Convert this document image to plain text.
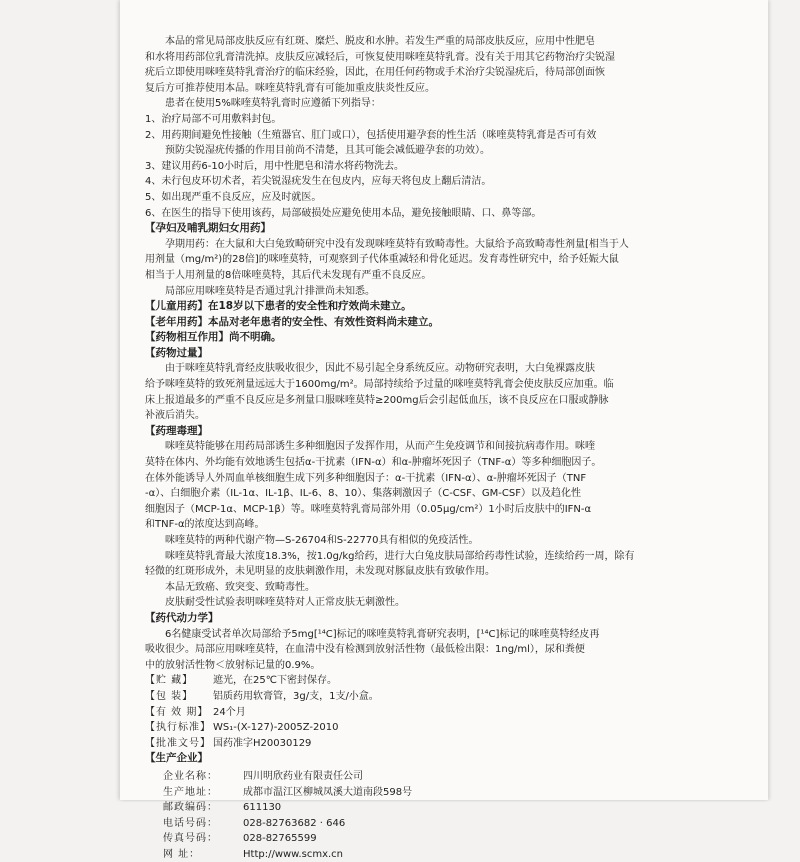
本品的常见局部皮肤反应有红斑、糜烂、脱皮和水肿。若发生严重的局部皮肤反应，应用中性肥皂
和水将用药部位乳膏清洗掉。皮肤反应减轻后，可恢复使用咪喹莫特乳膏。没有关于用其它药物治疗尖锐湿
疣后立即使用咪喹莫特乳膏治疗的临床经验，因此，在用任何药物或手术治疗尖锐湿疣后，待局部创面恢
复后方可推荐使用本品。咪喹莫特乳膏有可能加重皮肤炎性反应。
患者在使用5%咪喹莫特乳膏时应遵循下列指导：
1、治疗局部不可用敷料封包。
2、用药期间避免性接触（生殖器官、肛门或口），包括使用避孕套的性生活（咪喹莫特乳膏是否可有效
预防尖锐湿疣传播的作用目前尚不清楚，且其可能会减低避孕套的功效）。
3、建议用药6-10小时后，用中性肥皂和清水将药物洗去。
4、未行包皮环切术者，若尖锐湿疣发生在包皮内，应每天将包皮上翻后清洁。
5、如出现严重不良反应，应及时就医。
6、在医生的指导下使用该药，局部破损处应避免使用本品，避免接触眼睛、口、鼻等部。
【孕妇及哺乳期妇女用药】
孕期用药：在大鼠和大白兔致畸研究中没有发现咪喹莫特有致畸毒性。大鼠给予高致畸毒性剂量[相当于人
用剂量（mg/m²)的28倍]的咪喹莫特，可观察到子代体重减轻和骨化延迟。发育毒性研究中，给予妊娠大鼠
相当于人用剂量的8倍咪喹莫特，其后代未发现有严重不良反应。
局部应用咪喹莫特是否通过乳汁排泄尚未知悉。
【儿童用药】在18岁以下患者的安全性和疗效尚未建立。
【老年用药】本品对老年患者的安全性、有效性资料尚未建立。
【药物相互作用】尚不明确。
【药物过量】
由于咪喹莫特乳膏经皮肤吸收很少，因此不易引起全身系统反应。动物研究表明，大白兔裸露皮肤
给予咪喹莫特的致死剂量远远大于1600mg/m²。局部持续给予过量的咪喹莫特乳膏会使皮肤反应加重。临
床上报道最多的严重不良反应是多剂量口服咪喹莫特≥200mg后会引起低血压，该不良反应在口服或静脉
补液后消失。
【药理毒理】
咪喹莫特能够在用药局部诱生多种细胞因子发挥作用，从而产生免疫调节和间接抗病毒作用。咪喹
莫特在体内、外均能有效地诱生包括α-干扰素（IFN-α）和α-肿瘤坏死因子（TNF-α）等多种细胞因子。
在体外能诱导人外周血单核细胞生成下列多种细胞因子：α-干扰素（IFN-α）、α-肿瘤坏死因子（TNF
-α）、白细胞介素（IL-1α、IL-1β、IL-6、8、10）、集落刺激因子（C-CSF、GM-CSF）以及趋化性
细胞因子（MCP-1α、MCP-1β）等。咪喹莫特乳膏局部外用（0.05μg/cm²）1小时后皮肤中的IFN-α
和TNF-α的浓度达到高峰。
咪喹莫特的两种代谢产物—S-26704和S-22770具有相似的免疫活性。
咪喹莫特乳膏最大浓度18.3%，按1.0g/kg给药，进行大白兔皮肤局部给药毒性试验，连续给药一周，除有
轻微的红斑形成外，未见明显的皮肤刺激作用，未发现对豚鼠皮肤有致敏作用。
本品无致癌、致突变、致畸毒性。
皮肤耐受性试验表明咪喹莫特对人正常皮肤无刺激性。
【药代动力学】
6名健康受试者单次局部给予5mg[¹⁴C]标记的咪喹莫特乳膏研究表明，[¹⁴C]标记的咪喹莫特经皮再
吸收很少。局部应用咪喹莫特，在血清中没有检测到放射活性物（最低检出限：1ng/ml），尿和粪便
中的放射活性物＜放射标记量的0.9%。
【贮 藏】	遮光，在25℃下密封保存。
【包 装】	铝质药用软膏管，3g/支，1支/小盒。
【有 效 期】 24个月
【执行标准】 WS₁-(X-127)-2005Z-2010
【批准文号】 国药准字H20030129
【生产企业】
企业名称：	四川明欣药业有限责任公司
生产地址：	成都市温江区柳城凤溪大道南段598号
邮政编码：	611130
电话号码：	028-82763682 · 646
传真号码：	028-82765599
网 址：	Http://www.scmx.cn
